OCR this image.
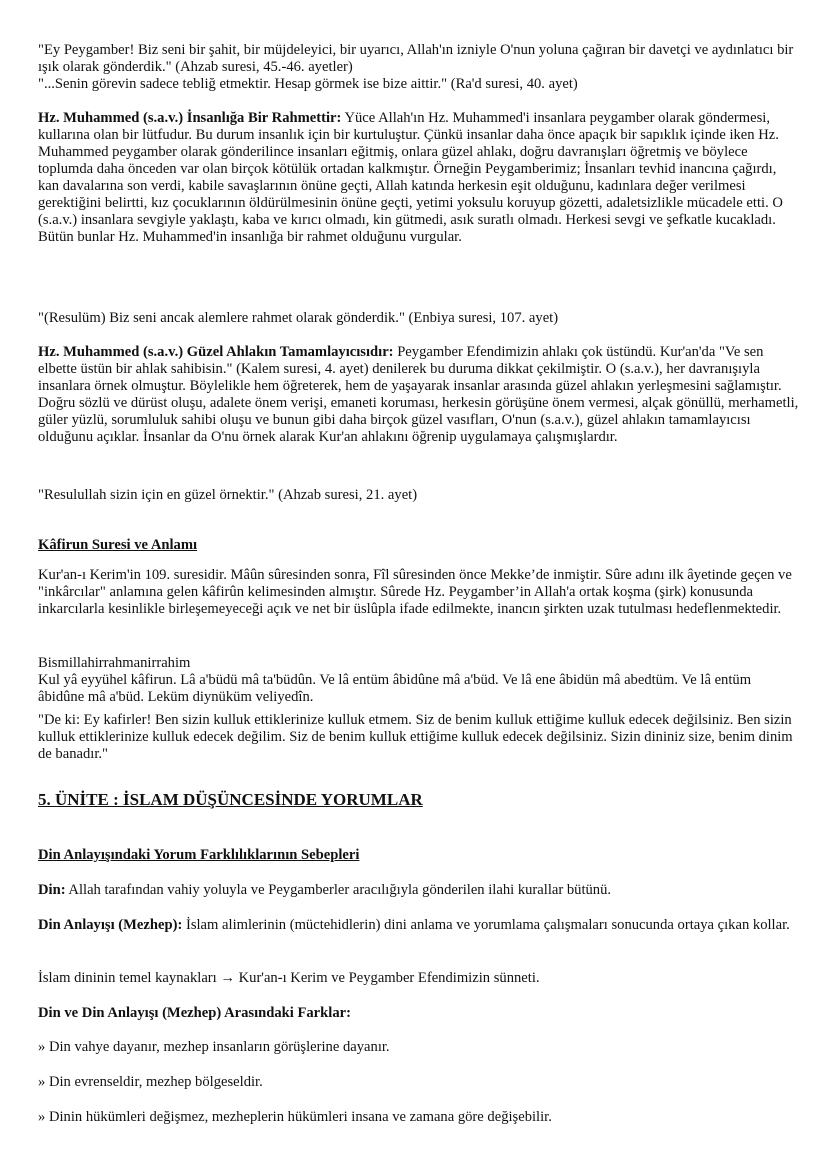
"Ey Peygamber! Biz seni bir şahit, bir müjdeleyici, bir uyarıcı, Allah'ın izniyle O'nun yoluna çağıran bir davetçi ve aydınlatıcı bir ışık olarak gönderdik." (Ahzab suresi, 45.-46. ayetler)

"...Senin görevin sadece tebliğ etmektir. Hesap görmek ise bize aittir." (Ra'd suresi, 40. ayet)

Hz. Muhammed (s.a.v.) İnsanlığa Bir Rahmettir: Yüce Allah'ın Hz. Muhammed'i insanlara peygamber olarak göndermesi, kullarına olan bir lütfudur. Bu durum insanlık için bir kurtuluştur. Çünkü insanlar daha önce apaçık bir sapıklık içinde iken Hz. Muhammed peygamber olarak gönderilince insanları eğitmiş, onlara güzel ahlakı, doğru davranışları öğretmiş ve böylece toplumda daha önceden var olan birçok kötülük ortadan kalkmıştır. Örneğin Peygamberimiz; İnsanları tevhid inancına çağırdı, kan davalarına son verdi, kabile savaşlarının önüne geçti, Allah katında herkesin eşit olduğunu, kadınlara değer verilmesi gerektiğini belirtti, kız çocuklarının öldürülmesinin önüne geçti, yetimi yoksulu koruyup gözetti, adaletsizlikle mücadele etti. O (s.a.v.) insanlara sevgiyle yaklaştı, kaba ve kırıcı olmadı, kin gütmedi, asık suratlı olmadı. Herkesi sevgi ve şefkatle kucakladı. Bütün bunlar Hz. Muhammed'in insanlığa bir rahmet olduğunu vurgular.

"(Resulüm) Biz seni ancak alemlere rahmet olarak gönderdik." (Enbiya suresi, 107. ayet)

Hz. Muhammed (s.a.v.) Güzel Ahlakın Tamamlayıcısıdır: Peygamber Efendimizin ahlakı çok üstündü. Kur'an'da "Ve sen elbette üstün bir ahlak sahibisin." (Kalem suresi, 4. ayet) denilerek bu duruma dikkat çekilmiştir. O (s.a.v.), her davranışıyla insanlara örnek olmuştur. Böylelikle hem öğreterek, hem de yaşayarak insanlar arasında güzel ahlakın yerleşmesini sağlamıştır. Doğru sözlü ve dürüst oluşu, adalete önem verişi, emaneti koruması, herkesin görüşüne önem vermesi, alçak gönüllü, merhametli, güler yüzlü, sorumluluk sahibi oluşu ve bunun gibi daha birçok güzel vasıfları, O'nun (s.a.v.), güzel ahlakın tamamlayıcısı olduğunu açıklar. İnsanlar da O'nu örnek alarak Kur'an ahlakını öğrenip uygulamaya çalışmışlardır.

"Resulullah sizin için en güzel örnektir." (Ahzab suresi, 21. ayet)

Kâfirun Suresi ve Anlamı

Kur'an-ı Kerim'in 109. suresidir. Mâûn sûresinden sonra, Fîl sûresinden önce Mekke’de inmiştir. Sûre adını ilk âyetinde geçen ve "inkârcılar" anlamına gelen kâfirûn kelimesinden almıştır. Sûrede Hz. Peygamber’in Allah'a ortak koşma (şirk) konusunda inkarcılarla kesinlikle birleşemeyeceği açık ve net bir üslûpla ifade edilmekte, inancın şirkten uzak tutulması hedeflenmektedir.

Bismillahirrahmanirrahim

Kul yâ eyyühel kâfirun. Lâ a'büdü mâ ta'büdûn. Ve lâ entüm âbidûne mâ a'büd. Ve lâ ene âbidün mâ abedtüm. Ve lâ entüm âbidûne mâ a'büd. Leküm diynüküm veliyedîn.

"De ki: Ey kafirler! Ben sizin kulluk ettiklerinize kulluk etmem. Siz de benim kulluk ettiğime kulluk edecek değilsiniz. Ben sizin kulluk ettiklerinize kulluk edecek değilim. Siz de benim kulluk ettiğime kulluk edecek değilsiniz. Sizin dininiz size, benim dinim de banadır."

5. ÜNİTE : İSLAM DÜŞÜNCESİNDE YORUMLAR

Din Anlayışındaki Yorum Farklılıklarının Sebepleri

Din: Allah tarafından vahiy yoluyla ve Peygamberler aracılığıyla gönderilen ilahi kurallar bütünü.

Din Anlayışı (Mezhep): İslam alimlerinin (müctehidlerin) dini anlama ve yorumlama çalışmaları sonucunda ortaya çıkan kollar.

İslam dininin temel kaynakları → Kur'an-ı Kerim ve Peygamber Efendimizin sünneti.

Din ve Din Anlayışı (Mezhep) Arasındaki Farklar:

» Din vahye dayanır, mezhep insanların görüşlerine dayanır.

» Din evrenseldir, mezhep bölgeseldir.

» Dinin hükümleri değişmez, mezheplerin hükümleri insana ve zamana göre değişebilir.
